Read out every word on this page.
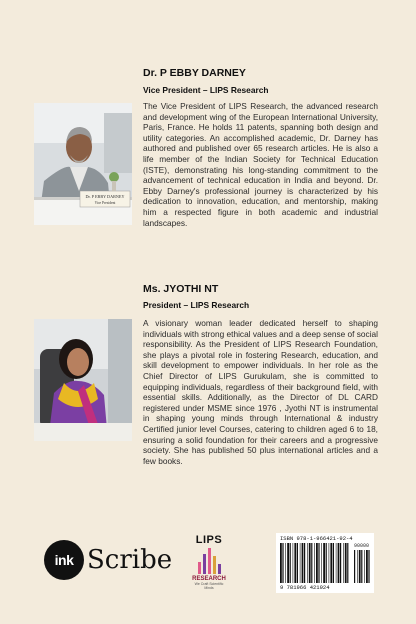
Dr. P EBBY DARNEY
Vice President – LIPS Research

The Vice President of LIPS Research, the advanced research and development wing of the European International University, Paris, France. He holds 11 patents, spanning both design and utility categories. An accomplished academic, Dr. Darney has authored and published over 65 research articles. He is also a life member of the Indian Society for Technical Education (ISTE), demonstrating his long-standing commitment to the advancement of technical education in India and beyond. Dr. Ebby Darney's professional journey is characterized by his dedication to innovation, education, and mentorship, making him a respected figure in both academic and industrial landscapes.

Dr. P EBBY DARNEY
Vice President
Ms. JYOTHI NT
President – LIPS Research

A visionary woman leader dedicated herself to shaping individuals with strong ethical values and a deep sense of social responsibility. As the President of LIPS Research Foundation, she plays a pivotal role in fostering Research, education, and skill development to empower individuals. In her role as the Chief Director of LIPS Gurukulam, she is committed to equipping individuals, regardless of their background field, with essential skills. Additionally, as the Director of DL CARD registered under MSME since 1976 , Jyothi NT is instrumental in shaping young minds through International & industry Certified junior level Courses, catering to children aged 6 to 18, ensuring a solid foundation for their careers and a progressive society. She has published 50 plus international articles and a few books.

ink Scribe
LIPS
RESEARCH
We Craft Scientific Minds
ISBN 978-1-966421-92-4
90000
9 781966 421924
